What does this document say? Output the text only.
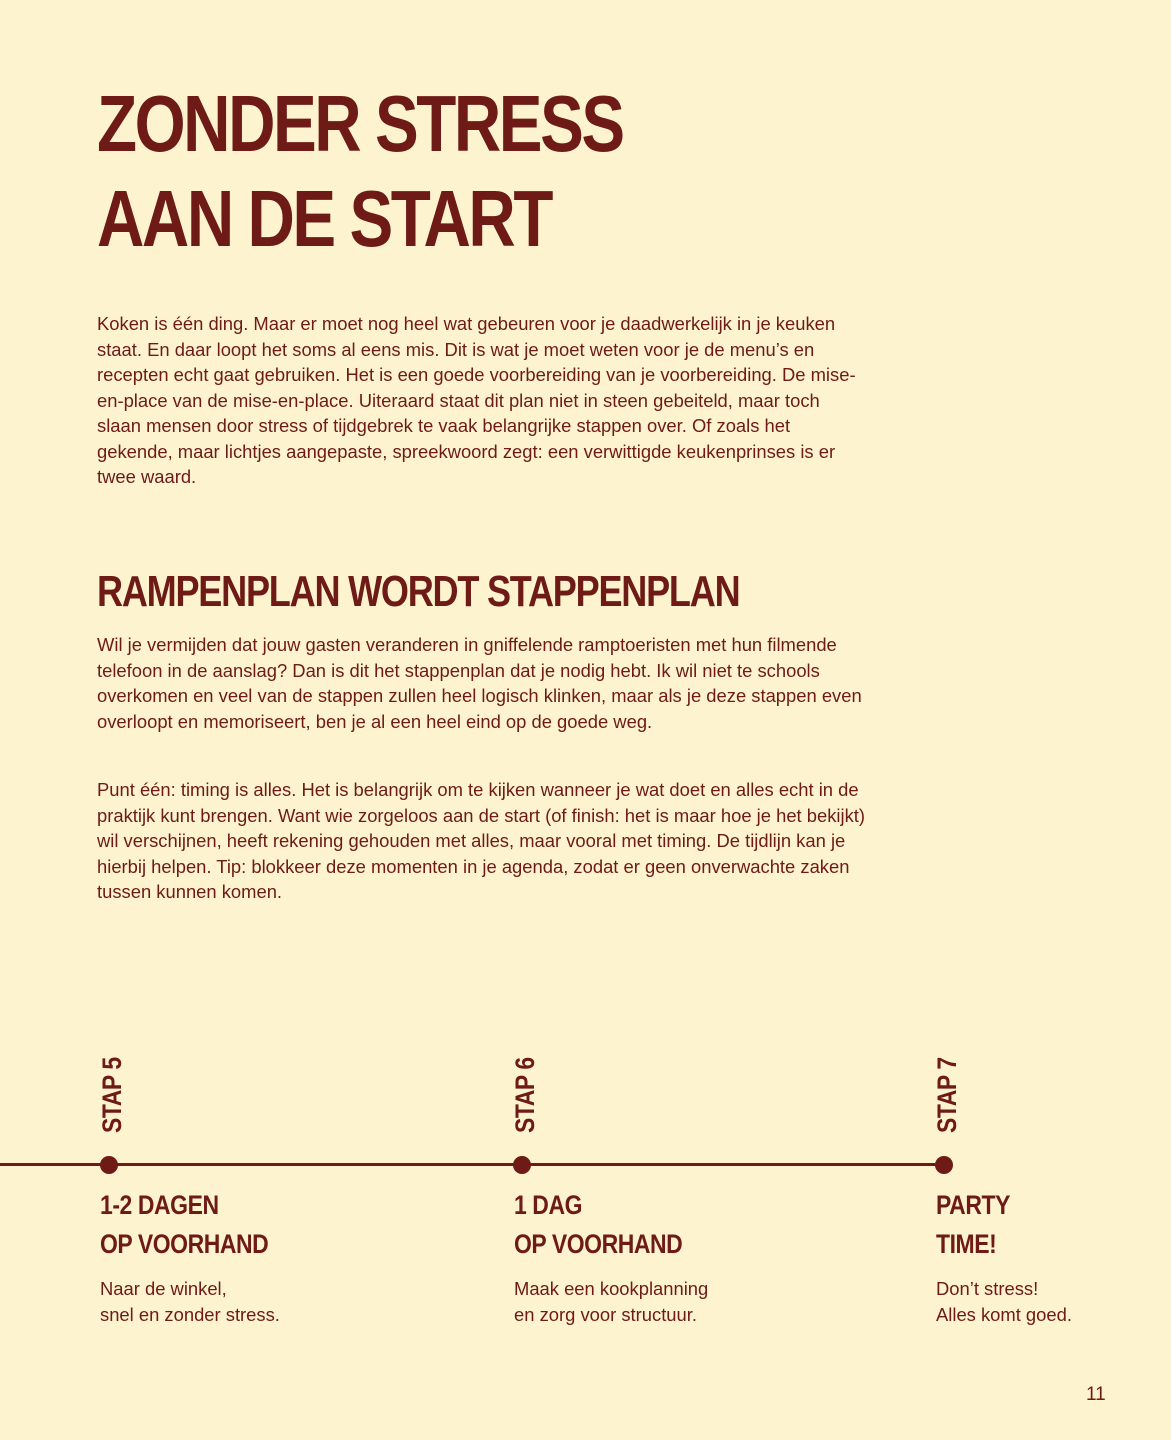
ZONDER STRESS
AAN DE START

Koken is één ding. Maar er moet nog heel wat gebeuren voor je daadwerkelijk in je keuken staat. En daar loopt het soms al eens mis. Dit is wat je moet weten voor je de menu’s en recepten echt gaat gebruiken. Het is een goede voorbereiding van je voorbereiding. De mise-en-place van de mise-en-place. Uiteraard staat dit plan niet in steen gebeiteld, maar toch slaan mensen door stress of tijdgebrek te vaak belangrijke stappen over. Of zoals het gekende, maar lichtjes aangepaste, spreekwoord zegt: een verwittigde keukenprinses is er twee waard.

RAMPENPLAN WORDT STAPPENPLAN

Wil je vermijden dat jouw gasten veranderen in gniffelende ramptoeristen met hun filmende telefoon in de aanslag? Dan is dit het stappenplan dat je nodig hebt. Ik wil niet te schools overkomen en veel van de stappen zullen heel logisch klinken, maar als je deze stappen even overloopt en memoriseert, ben je al een heel eind op de goede weg.

Punt één: timing is alles. Het is belangrijk om te kijken wanneer je wat doet en alles echt in de praktijk kunt brengen. Want wie zorgeloos aan de start (of finish: het is maar hoe je het bekijkt) wil verschijnen, heeft rekening gehouden met alles, maar vooral met timing. De tijdlijn kan je hierbij helpen. Tip: blokkeer deze momenten in je agenda, zodat er geen onverwachte zaken tussen kunnen komen.

STAP 5
1-2 DAGEN
OP VOORHAND
Naar de winkel,
snel en zonder stress.
STAP 6
1 DAG
OP VOORHAND
Maak een kookplanning
en zorg voor structuur.
STAP 7
PARTY
TIME!
Don’t stress!
Alles komt goed.
11
